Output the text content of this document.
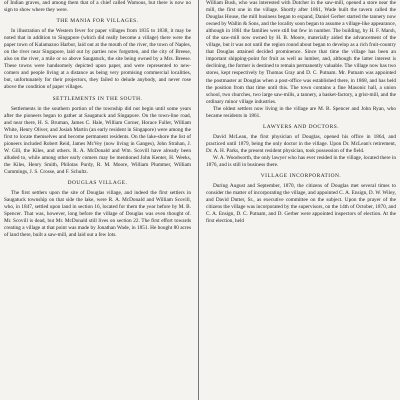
of Indian graves, and among them that of a chief called Wamous, but there is now no sign to show where they were.

THE MANIA FOR VILLAGES.

In illustration of the Western fever for paper villages from 1835 to 1838, it may be noted that in addition to Singapore (which did really become a village) there were the paper town of Kalamazoo Harbor, laid out at the mouth of the river, the town of Naples, on the river near Singapore, laid out by parties now forgotten, and the city of Breese, also on the river, a mile or so above Saugatuck, the site being owned by a Mrs. Breese. These towns were handsomely depicted upon paper, and were represented to new-comers and people living at a distance as being very promising commercial localities, but, unfortunately for their projectors, they failed to delude anybody, and never rose above the condition of paper villages.

SETTLEMENTS IN THE SOUTH.

Settlements in the southern portion of the township did not begin until some years after the pioneers began to gather at Saugatuck and Singapore. On the town-line road, and near there, H. S. Bruman, James C. Hale, William Corner, Horace Fuller, William White, Henry Oliver, and Josiah Martin (an early resident in Singapore) were among the first to locate themselves and become permanent residents. On the lake-shore the list of pioneers included Robert Reid, James McVey (now living in Ganges), John Strahan, J. W. Gill, the Kiles, and others. R. A. McDonald and Wm. Scovill have already been alluded to, while among other early comers may be mentioned John Kenter, H. Weeks, the Kiles, Henry Smith, Philotas Purdy, R. M. Moore, William Plummer, William Cummings, J. S. Crosse, and F. Schultz.

DOUGLAS VILLAGE.

The first settlers upon the site of Douglas village, and indeed the first settlers in Saugatuck township on that side the lake, were R. A. McDonald and William Scovill, who, in 1847, settled upon land in section 16, located for them the year before by M. B. Spencer. That was, however, long before the village of Douglas was even thought of. Mr. Scovill is dead, but Mr. McDonald still lives on section 22. The first effort towards creating a village at that point was made by Jonathan Wade, in 1851. He bought 80 acres of land there, built a saw-mill, and laid out a few lots.

William Bush, who was interested with Dutcher in the saw-mill, opened a store near the mill, the first one in the village. Shortly after 1861, Wade built the tavern called the Douglas House, the mill business began to expand, Daniel Gerber started the tannery now owned by Wallin & Sons, and the locality soon began to assume a village-like appearance, although in 1861 the families were still but few in number. The building, by H. F. Marsh, of the saw-mill now owned by H. B. Moore, materially aided the advancement of the village, but it was not until the region round about began to develop as a rich fruit-country that Douglas attained decided prominence. Since that time the village has been an important shipping-point for fruit as well as lumber, and, although the latter interest is declining, the former is destined to remain permanently valuable. The village now has two stores, kept respectively by Thomas Gray and D. C. Putnam. Mr. Putnam was appointed the postmaster at Douglas when a post-office was established there, in 1868, and has held the position from that time until this. The town contains a fine Masonic hall, a union school, two churches, two large saw-mills, a tannery, a basket-factory, a grist-mill, and the ordinary minor village industries.

The oldest settlers now living in the village are M. B. Spencer and John Ryan, who became residents in 1861.

LAWYERS AND DOCTORS.

David McLean, the first physician of Douglas, opened his office in 1864, and practiced until 1879, being the only doctor in the village. Upon Dr. McLean's retirement, Dr. A. H. Parks, the present resident physician, took possession of the field.

W. A. Woodworth, the only lawyer who has ever resided in the village, located there in 1876, and is still in business there.

VILLAGE INCORPORATION.

During August and September, 1870, the citizens of Douglas met several times to consider the matter of incorporating the village, and appointed C. A. Ensign, D. W. Wiley, and David Dutter, Sr., as executive committee on the subject. Upon the prayer of the citizens the village was incorporated by the supervisors, on the 14th of October, 1870, and C. A. Ensign, D. C. Putnam, and D. Gerber were appointed inspectors of election. At the first election, held
